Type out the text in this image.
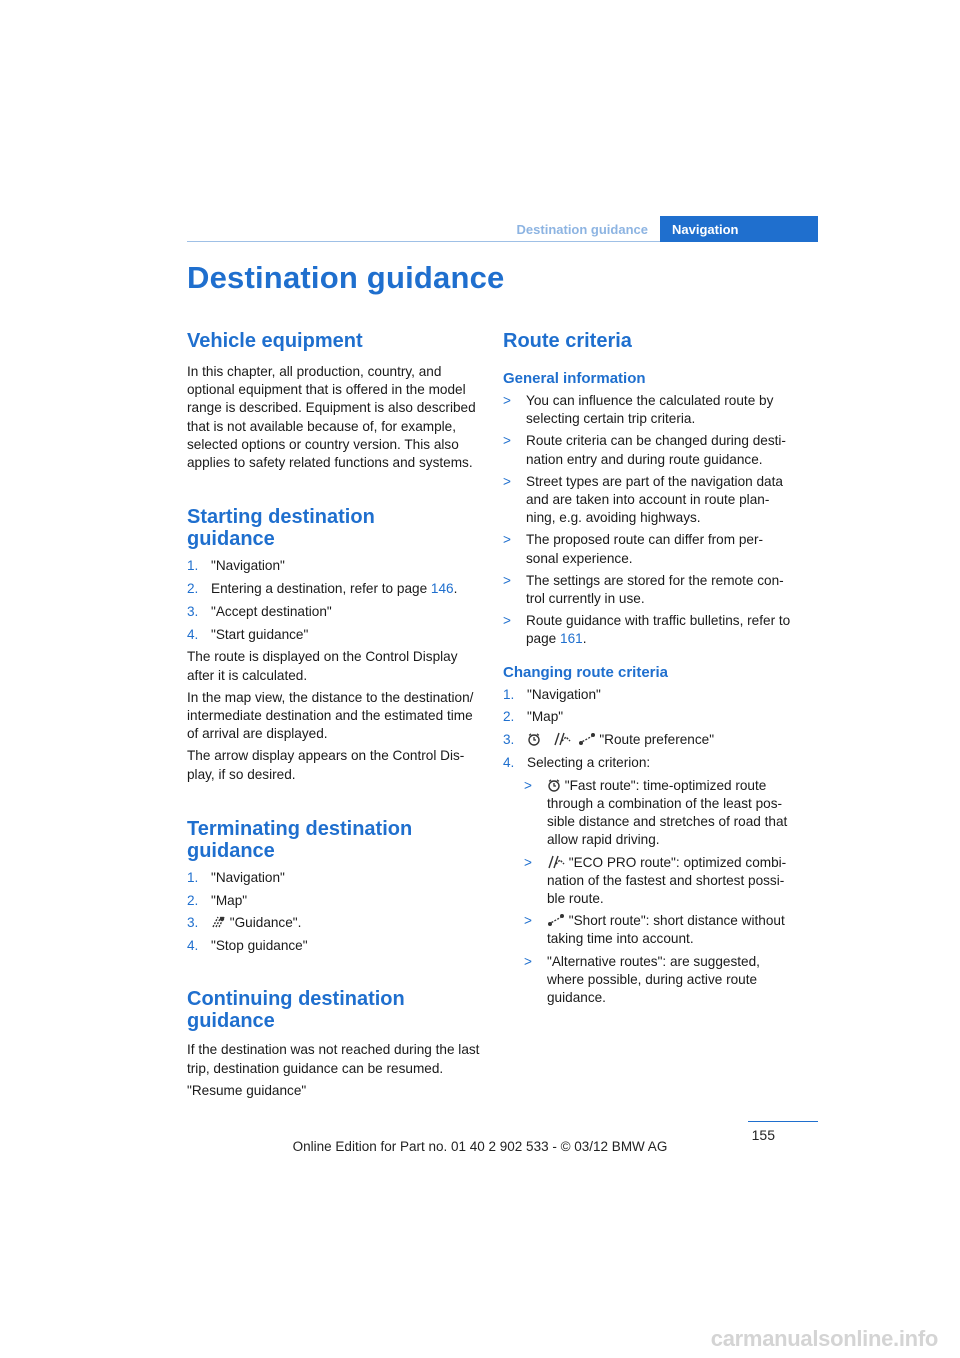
Destination guidance	Navigation
Destination guidance
Vehicle equipment

In this chapter, all production, country, and optional equipment that is offered in the model range is described. Equipment is also described that is not available because of, for example, selected options or country version. This also applies to safety related functions and systems.

Starting destination
guidance
1. "Navigation"
2. Entering a destination, refer to page 146.
3. "Accept destination"
4. "Start guidance"

The route is displayed on the Control Display after it is calculated.

In the map view, the distance to the destination/ intermediate destination and the estimated time of arrival are displayed.

The arrow display appears on the Control Dis- play, if so desired.

Terminating destination
guidance
1. "Navigation"
2. "Map"
3.	"Guidance".
4. "Stop guidance"
Continuing destination
guidance

If the destination was not reached during the last trip, destination guidance can be resumed.

"Resume guidance"

Route criteria
General information
>	You can influence the calculated route by selecting certain trip criteria.
>	Route criteria can be changed during desti- nation entry and during route guidance.
>	Street types are part of the navigation data and are taken into account in route plan- ning, e.g. avoiding highways.
>	The proposed route can differ from per- sonal experience.
>	The settings are stored for the remote con- trol currently in use.
>	Route guidance with traffic bulletins, refer to page 161.
Changing route criteria
1. "Navigation"
2. "Map"
3.	"Route preference"
4. Selecting a criterion:
>	"Fast route": time-optimized route through a combination of the least pos- sible distance and stretches of road that allow rapid driving.
>	"ECO PRO route": optimized combi- nation of the fastest and shortest possi- ble route.
>	"Short route": short distance without taking time into account.
>	"Alternative routes": are suggested, where possible, during active route guidance.
155
Online Edition for Part no. 01 40 2 902 533 - © 03/12 BMW AG
carmanualsonline.info
